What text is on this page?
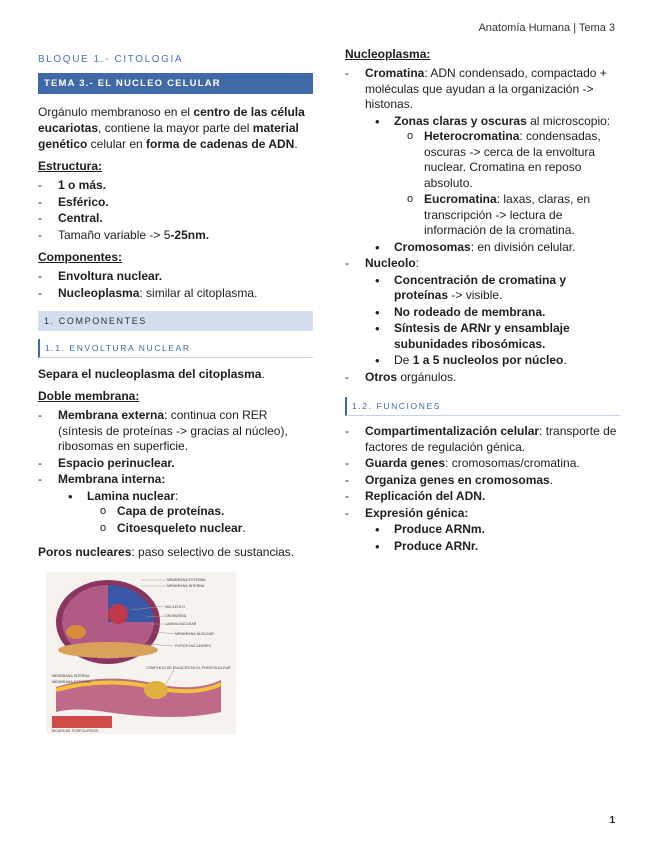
Anatomía Humana | Tema 3
BLOQUE 1.- CITOLOGIA
TEMA 3.- EL NUCLEO CELULAR

Orgánulo membranoso en el centro de las célula eucariotas, contiene la mayor parte del material genético celular en forma de cadenas de ADN.

Estructura:
- 1 o más.
- Esférico.
- Central.
- Tamaño variable -> 5-25nm.
Componentes:
- Envoltura nuclear.
- Nucleoplasma: similar al citoplasma.
1. COMPONENTES
1.1. ENVOLTURA NUCLEAR

Separa el nucleoplasma del citoplasma.

Doble membrana:
- Membrana externa: continua con RER (síntesis de proteínas -> gracias al núcleo), ribosomas en superficie.
- Espacio perinuclear.
- Membrana interna:
• Lamina nuclear:
o Capa de proteínas.
o Citoesqueleto nuclear.

Poros nucleares: paso selectivo de sustancias.

MEMBRANA EXTERNA
MEMBRANA INTERNA
NUCLEOLO
CROMATINA
LAMINA NUCLEAR
MEMBRANA NUCLEAR
POROS NUCLEARES
COMPLEJO DE ENLACES EN EL PORO NUCLEAR
MEMBRANA INTERNA
MEMBRANA EXTERNA
BICAPA DE FOSFOLIPIDOS
Nucleoplasma:
- Cromatina: ADN condensado, compactado + moléculas que ayudan a la organización -> histonas.
• Zonas claras y oscuras al microscopio:
o Heterocromatina: condensadas, oscuras -> cerca de la envoltura nuclear. Cromatina en reposo absoluto.
o Eucromatina: laxas, claras, en transcripción -> lectura de información de la cromatina.
• Cromosomas: en división celular.
- Nucleolo:
• Concentración de cromatina y proteínas -> visible.
• No rodeado de membrana.
• Síntesis de ARNr y ensamblaje subunidades ribosómicas.
• De 1 a 5 nucleolos por núcleo.
- Otros orgánulos.
1.2. FUNCIONES
- Compartimentalización celular: transporte de factores de regulación génica.
- Guarda genes: cromosomas/cromatina.
- Organiza genes en cromosomas.
- Replicación del ADN.
- Expresión génica:
• Produce ARNm.
• Produce ARNr.
1
